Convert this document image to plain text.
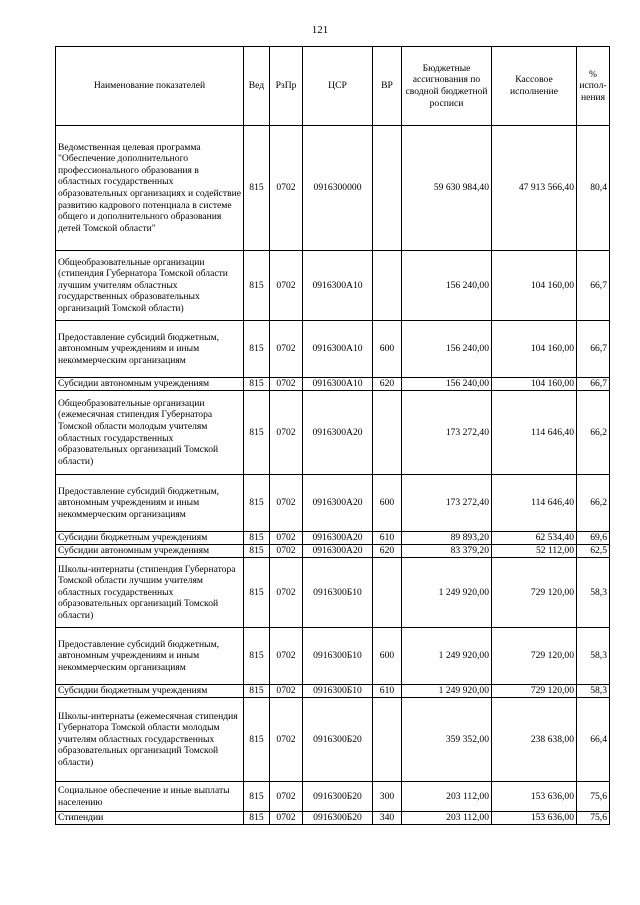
121
Наименование показателей	Вед	РзПр	ЦСР	ВР	Бюджетные ассигнования по сводной бюджетной росписи	Кассовое исполнение	% испол-нения
Ведомственная целевая программа "Обеспечение дополнительного профессионального образования в областных государственных образовательных организациях и содействие развитию кадрового потенциала в системе общего и дополнительного образования детей Томской области"	815	0702	0916300000		59 630 984,40	47 913 566,40	80,4
Общеобразовательные организации (стипендия Губернатора Томской области лучшим учителям областных государственных образовательных организаций Томской области)	815	0702	0916300А10		156 240,00	104 160,00	66,7
Предоставление субсидий бюджетным, автономным учреждениям и иным некоммерческим организациям	815	0702	0916300А10	600	156 240,00	104 160,00	66,7
Субсидии автономным учреждениям	815	0702	0916300А10	620	156 240,00	104 160,00	66,7
Общеобразовательные организации (ежемесячная стипендия Губернатора Томской области молодым учителям областных государственных образовательных организаций Томской области)	815	0702	0916300А20		173 272,40	114 646,40	66,2
Предоставление субсидий бюджетным, автономным учреждениям и иным некоммерческим организациям	815	0702	0916300А20	600	173 272,40	114 646,40	66,2
Субсидии бюджетным учреждениям	815	0702	0916300А20	610	89 893,20	62 534,40	69,6
Субсидии автономным учреждениям	815	0702	0916300А20	620	83 379,20	52 112,00	62,5
Школы-интернаты (стипендия Губернатора Томской области лучшим учителям областных государственных образовательных организаций Томской области)	815	0702	0916300Б10		1 249 920,00	729 120,00	58,3
Предоставление субсидий бюджетным, автономным учреждениям и иным некоммерческим организациям	815	0702	0916300Б10	600	1 249 920,00	729 120,00	58,3
Субсидии бюджетным учреждениям	815	0702	0916300Б10	610	1 249 920,00	729 120,00	58,3
Школы-интернаты (ежемесячная стипендия Губернатора Томской области молодым учителям областных государственных образовательных организаций Томской области)	815	0702	0916300Б20		359 352,00	238 638,00	66,4
Социальное обеспечение и иные выплаты населению	815	0702	0916300Б20	300	203 112,00	153 636,00	75,6
Стипендии	815	0702	0916300Б20	340	203 112,00	153 636,00	75,6
